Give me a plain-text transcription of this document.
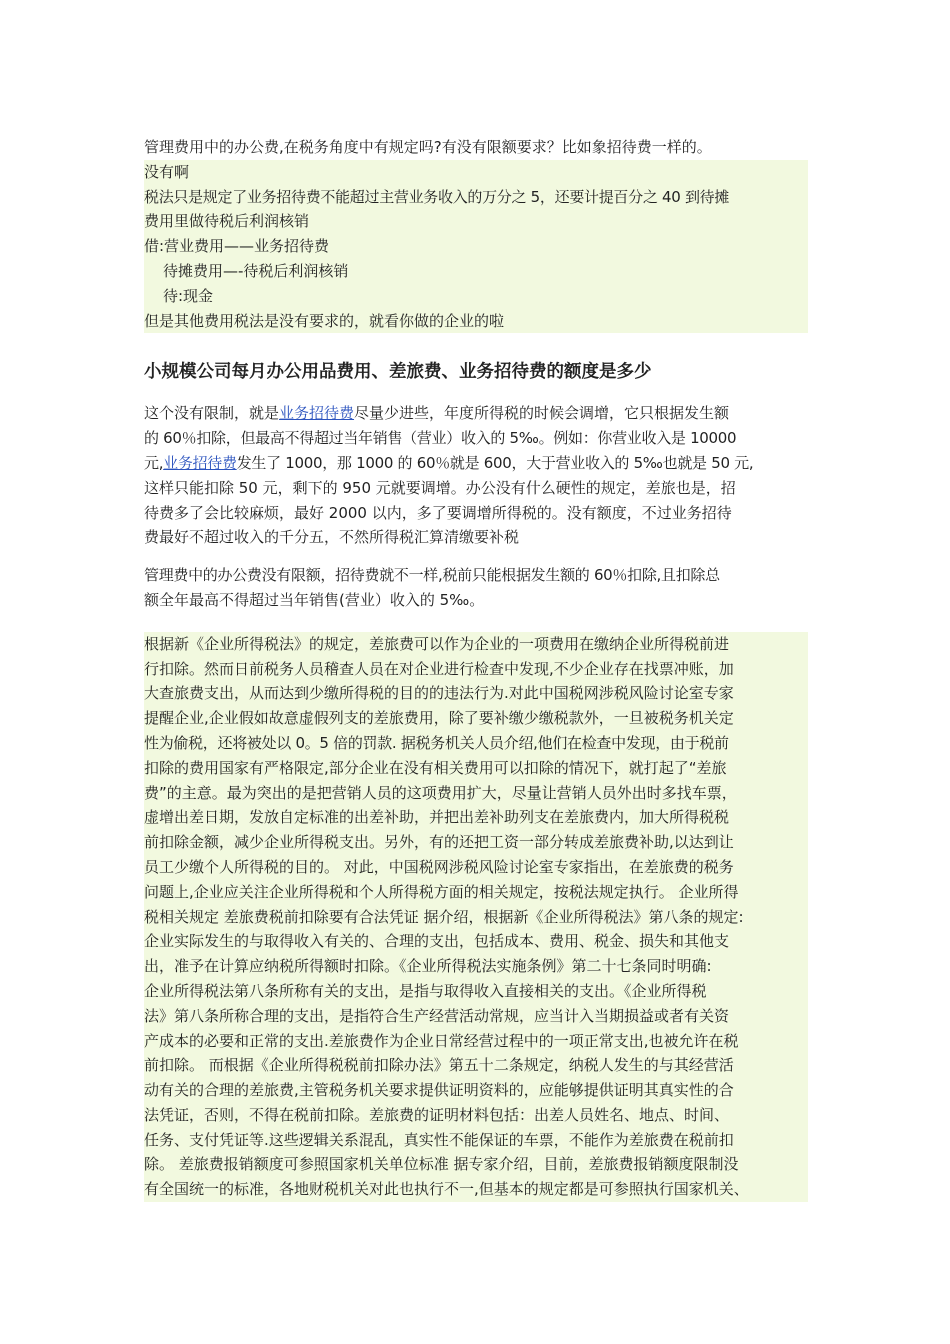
管理费用中的办公费,在税务角度中有规定吗?有没有限额要求？比如象招待费一样的。
没有啊
税法只是规定了业务招待费不能超过主营业务收入的万分之 5，还要计提百分之 40 到待摊
费用里做待税后利润核销
借:营业费用——业务招待费
待摊费用—-待税后利润核销
待:现金
但是其他费用税法是没有要求的，就看你做的企业的啦
小规模公司每月办公用品费用、差旅费、业务招待费的额度是多少
这个没有限制，就是业务招待费尽量少进些，年度所得税的时候会调增，它只根据发生额
的 60％扣除，但最高不得超过当年销售（营业）收入的 5‰。例如：你营业收入是 10000
元,业务招待费发生了 1000，那 1000 的 60％就是 600，大于营业收入的 5‰也就是 50 元,
这样只能扣除 50 元，剩下的 950 元就要调增。办公没有什么硬性的规定，差旅也是，招
待费多了会比较麻烦，最好 2000 以内，多了要调增所得税的。没有额度，不过业务招待
费最好不超过收入的千分五，不然所得税汇算清缴要补税
管理费中的办公费没有限额，招待费就不一样,税前只能根据发生额的 60％扣除,且扣除总
额全年最高不得超过当年销售(营业）收入的 5‰。
根据新《企业所得税法》的规定，差旅费可以作为企业的一项费用在缴纳企业所得税前进
行扣除。然而日前税务人员稽查人员在对企业进行检查中发现,不少企业存在找票冲账，加
大查旅费支出，从而达到少缴所得税的目的的违法行为.对此中国税网涉税风险讨论室专家
提醒企业,企业假如故意虚假列支的差旅费用，除了要补缴少缴税款外，一旦被税务机关定
性为偷税，还将被处以 0。5 倍的罚款. 据税务机关人员介绍,他们在检查中发现，由于税前
扣除的费用国家有严格限定,部分企业在没有相关费用可以扣除的情况下，就打起了“差旅
费”的主意。最为突出的是把营销人员的这项费用扩大，尽量让营销人员外出时多找车票，
虚增出差日期，发放自定标准的出差补助，并把出差补助列支在差旅费内，加大所得税税
前扣除金额，减少企业所得税支出。另外，有的还把工资一部分转成差旅费补助,以达到让
员工少缴个人所得税的目的。 对此，中国税网涉税风险讨论室专家指出，在差旅费的税务
问题上,企业应关注企业所得税和个人所得税方面的相关规定，按税法规定执行。 企业所得
税相关规定 差旅费税前扣除要有合法凭证 据介绍，根据新《企业所得税法》第八条的规定:
企业实际发生的与取得收入有关的、合理的支出，包括成本、费用、税金、损失和其他支
出，准予在计算应纳税所得额时扣除。《企业所得税法实施条例》第二十七条同时明确:
企业所得税法第八条所称有关的支出，是指与取得收入直接相关的支出。《企业所得税
法》第八条所称合理的支出，是指符合生产经营活动常规，应当计入当期损益或者有关资
产成本的必要和正常的支出.差旅费作为企业日常经营过程中的一项正常支出,也被允许在税
前扣除。 而根据《企业所得税税前扣除办法》第五十二条规定，纳税人发生的与其经营活
动有关的合理的差旅费,主管税务机关要求提供证明资料的，应能够提供证明其真实性的合
法凭证，否则，不得在税前扣除。差旅费的证明材料包括：出差人员姓名、地点、时间、
任务、支付凭证等.这些逻辑关系混乱，真实性不能保证的车票，不能作为差旅费在税前扣
除。 差旅费报销额度可参照国家机关单位标准 据专家介绍，目前，差旅费报销额度限制没
有全国统一的标准，各地财税机关对此也执行不一,但基本的规定都是可参照执行国家机关、
